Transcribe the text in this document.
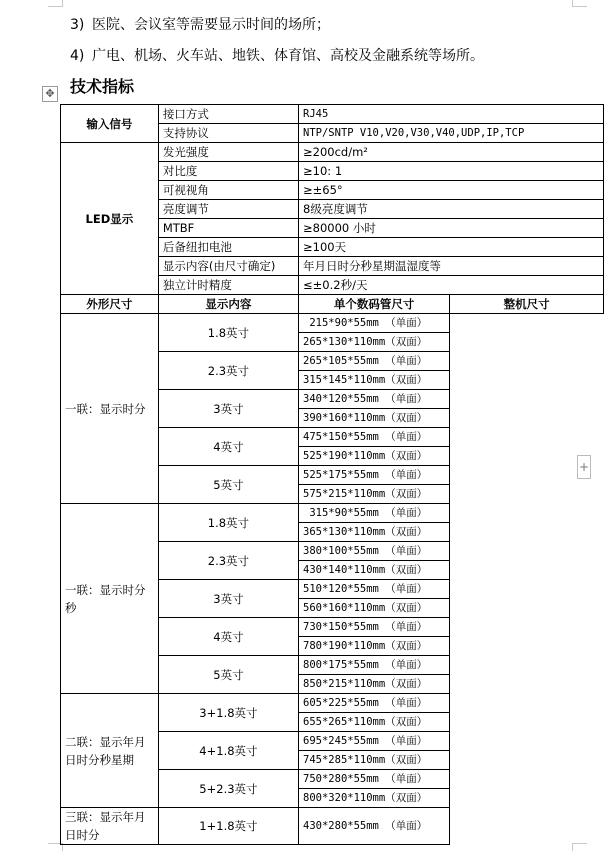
3) 医院、会议室等需要显示时间的场所；
4) 广电、机场、火车站、地铁、体育馆、高校及金融系统等场所。
技术指标
✥
+
输入信号	接口方式	RJ45	
	支持协议	NTP/SNTP V10,V20,V30,V40,UDP,IP,TCP	
LED显示	发光强度	≥200cd/m²	
	对比度	≥10: 1	
	可视视角	≥±65°	
	亮度调节	8级亮度调节	
	MTBF	≥80000 小时	
	后备纽扣电池	≥100天	
	显示内容(由尺寸确定)	年月日时分秒星期温湿度等	
	独立计时精度	≤±0.2秒/天	
外形尺寸	显示内容	单个数码管尺寸	整机尺寸
一联：显示时分	1.8英寸	215*90*55mm （单面）	
		265*130*110mm（双面）	
	2.3英寸	265*105*55mm （单面）	
		315*145*110mm（双面）	
	3英寸	340*120*55mm （单面）	
		390*160*110mm（双面）	
	4英寸	475*150*55mm （单面）	
		525*190*110mm（双面）	
	5英寸	525*175*55mm （单面）	
		575*215*110mm（双面）	
一联：显示时分秒	1.8英寸	315*90*55mm （单面）	
		365*130*110mm（双面）	
	2.3英寸	380*100*55mm （单面）	
		430*140*110mm（双面）	
	3英寸	510*120*55mm （单面）	
		560*160*110mm（双面）	
	4英寸	730*150*55mm （单面）	
		780*190*110mm（双面）	
	5英寸	800*175*55mm （单面）	
		850*215*110mm（双面）	
二联：显示年月日时分秒星期	3+1.8英寸	605*225*55mm （单面）	
		655*265*110mm（双面）	
	4+1.8英寸	695*245*55mm （单面）	
		745*285*110mm（双面）	
	5+2.3英寸	750*280*55mm （单面）	
		800*320*110mm（双面）	
三联：显示年月日时分	1+1.8英寸	430*280*55mm （单面）	
